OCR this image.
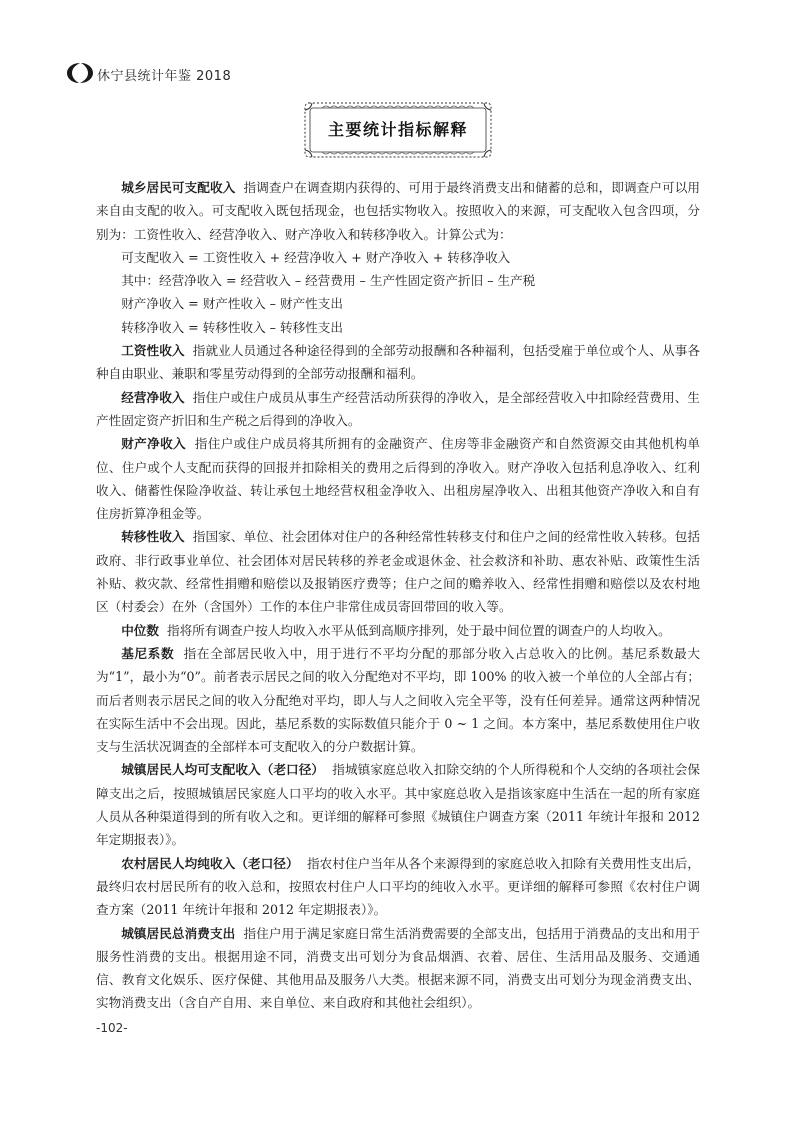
休宁县统计年鉴 2018
主要统计指标解释

城乡居民可支配收入 指调查户在调查期内获得的、可用于最终消费支出和储蓄的总和，即调查户可以用来自由支配的收入。可支配收入既包括现金，也包括实物收入。按照收入的来源，可支配收入包含四项，分别为：工资性收入、经营净收入、财产净收入和转移净收入。计算公式为：

可支配收入 = 工资性收入 + 经营净收入 + 财产净收入 + 转移净收入

其中：经营净收入 = 经营收入 – 经营费用 – 生产性固定资产折旧 – 生产税

财产净收入 = 财产性收入 – 财产性支出

转移净收入 = 转移性收入 – 转移性支出

工资性收入 指就业人员通过各种途径得到的全部劳动报酬和各种福利，包括受雇于单位或个人、从事各种自由职业、兼职和零星劳动得到的全部劳动报酬和福利。

经营净收入 指住户或住户成员从事生产经营活动所获得的净收入，是全部经营收入中扣除经营费用、生产性固定资产折旧和生产税之后得到的净收入。

财产净收入 指住户或住户成员将其所拥有的金融资产、住房等非金融资产和自然资源交由其他机构单位、住户或个人支配而获得的回报并扣除相关的费用之后得到的净收入。财产净收入包括利息净收入、红利收入、储蓄性保险净收益、转让承包土地经营权租金净收入、出租房屋净收入、出租其他资产净收入和自有住房折算净租金等。

转移性收入 指国家、单位、社会团体对住户的各种经常性转移支付和住户之间的经常性收入转移。包括政府、非行政事业单位、社会团体对居民转移的养老金或退休金、社会救济和补助、惠农补贴、政策性生活补贴、救灾款、经常性捐赠和赔偿以及报销医疗费等；住户之间的赡养收入、经常性捐赠和赔偿以及农村地区（村委会）在外（含国外）工作的本住户非常住成员寄回带回的收入等。

中位数 指将所有调查户按人均收入水平从低到高顺序排列，处于最中间位置的调查户的人均收入。

基尼系数 指在全部居民收入中，用于进行不平均分配的那部分收入占总收入的比例。基尼系数最大为“1”，最小为“0”。前者表示居民之间的收入分配绝对不平均，即 100% 的收入被一个单位的人全部占有；而后者则表示居民之间的收入分配绝对平均，即人与人之间收入完全平等，没有任何差异。通常这两种情况在实际生活中不会出现。因此，基尼系数的实际数值只能介于 0 ~ 1 之间。本方案中，基尼系数使用住户收支与生活状况调查的全部样本可支配收入的分户数据计算。

城镇居民人均可支配收入（老口径） 指城镇家庭总收入扣除交纳的个人所得税和个人交纳的各项社会保障支出之后，按照城镇居民家庭人口平均的收入水平。其中家庭总收入是指该家庭中生活在一起的所有家庭人员从各种渠道得到的所有收入之和。更详细的解释可参照《城镇住户调查方案（2011 年统计年报和 2012 年定期报表）》。

农村居民人均纯收入（老口径） 指农村住户当年从各个来源得到的家庭总收入扣除有关费用性支出后，最终归农村居民所有的收入总和，按照农村住户人口平均的纯收入水平。更详细的解释可参照《农村住户调查方案（2011 年统计年报和 2012 年定期报表）》。

城镇居民总消费支出 指住户用于满足家庭日常生活消费需要的全部支出，包括用于消费品的支出和用于服务性消费的支出。根据用途不同，消费支出可划分为食品烟酒、衣着、居住、生活用品及服务、交通通信、教育文化娱乐、医疗保健、其他用品及服务八大类。根据来源不同，消费支出可划分为现金消费支出、实物消费支出（含自产自用、来自单位、来自政府和其他社会组织）。

-102-
